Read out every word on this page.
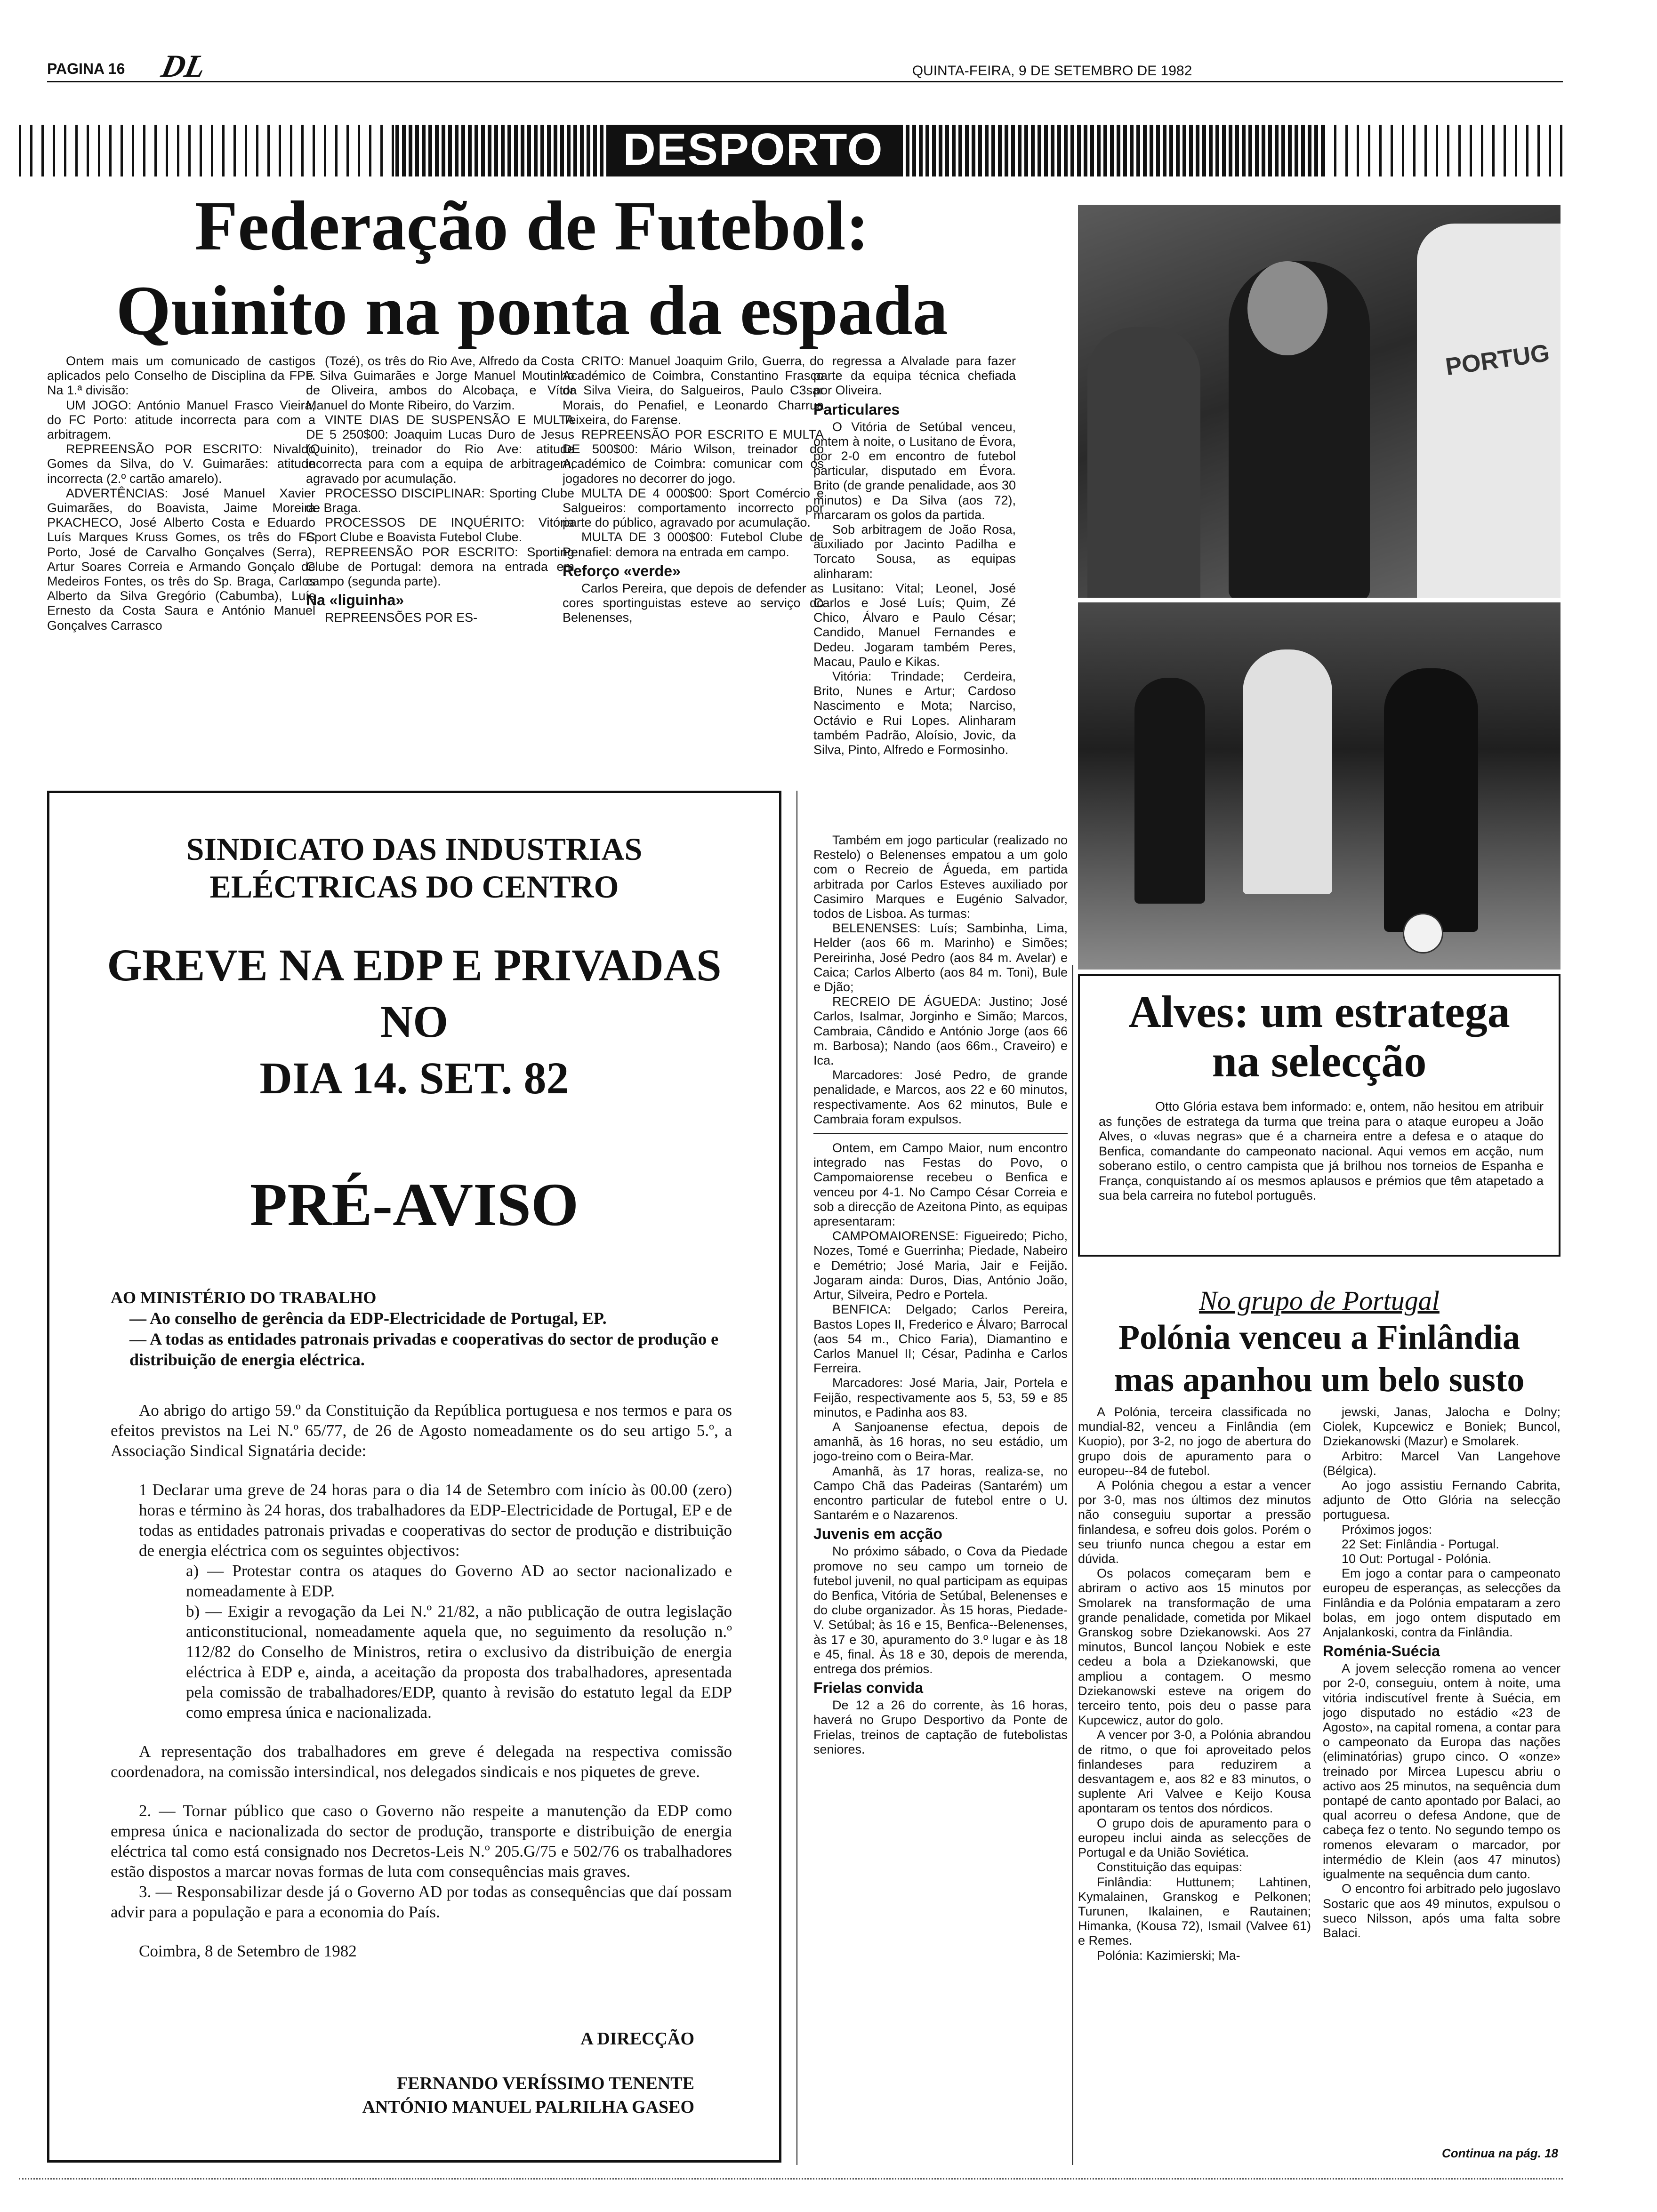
PAGINA 16 DL	QUINTA-FEIRA, 9 DE SETEMBRO DE 1982
DESPORTO
Federação de Futebol:
Quinito na ponta da espada

Ontem mais um comunicado de castigos aplicados pelo Conselho de Disciplina da FPF. Na 1.ª divisão:

UM JOGO: António Manuel Frasco Vieira, do FC Porto: atitude incorrecta para com a arbitragem.

REPREENSÃO POR ESCRITO: Nivaldo Gomes da Silva, do V. Guimarães: atitude incorrecta (2.º cartão amarelo).

ADVERTÊNCIAS: José Manuel Xavier Guimarães, do Boavista, Jaime Moreira PKACHECO, José Alberto Costa e Eduardo Luís Marques Kruss Gomes, os três do FC Porto, José de Carvalho Gonçalves (Serra), Artur Soares Correia e Armando Gonçalo de Medeiros Fontes, os três do Sp. Braga, Carlos Alberto da Silva Gregório (Cabumba), Luís Ernesto da Costa Saura e António Manuel Gonçalves Carrasco

(Tozé), os três do Rio Ave, Alfredo da Costa e Silva Guimarães e Jorge Manuel Moutinho de Oliveira, ambos do Alcobaça, e Vítor Manuel do Monte Ribeiro, do Varzim.

VINTE DIAS DE SUSPENSÃO E MULTA DE 5 250$00: Joaquim Lucas Duro de Jesus (Quinito), treinador do Rio Ave: atitude incorrecta para com a equipa de arbitragem, agravado por acumulação.

PROCESSO DISCIPLINAR: Sporting Clube de Braga.

PROCESSOS DE INQUÉRITO: Vitória Sport Clube e Boavista Futebol Clube.

REPREENSÃO POR ESCRITO: Sporting Clube de Portugal: demora na entrada em campo (segunda parte).

Na «liguinha»

REPREENSÕES POR ES-

CRITO: Manuel Joaquim Grilo, Guerra, do Académico de Coimbra, Constantino Frasco da Silva Vieira, do Salgueiros, Paulo C3sar Morais, do Penafiel, e Leonardo Charrua Teixeira, do Farense.

REPREENSÃO POR ESCRITO E MULTA DE 500$00: Mário Wilson, treinador do Académico de Coimbra: comunicar com os jogadores no decorrer do jogo.

MULTA DE 4 000$00: Sport Comércio e Salgueiros: comportamento incorrecto por parte do público, agravado por acumulação.

MULTA DE 3 000$00: Futebol Clube de Penafiel: demora na entrada em campo.

Reforço «verde»

Carlos Pereira, que depois de defender as cores sportinguistas esteve ao serviço do Belenenses,

regressa a Alvalade para fazer parte da equipa técnica chefiada por Oliveira.

Particulares

O Vitória de Setúbal venceu, ontem à noite, o Lusitano de Évora, por 2-0 em encontro de futebol particular, disputado em Évora. Brito (de grande penalidade, aos 30 minutos) e Da Silva (aos 72), marcaram os golos da partida.

Sob arbitragem de João Rosa, auxiliado por Jacinto Padilha e Torcato Sousa, as equipas alinharam:

Lusitano: Vital; Leonel, José Carlos e José Luís; Quim, Zé Chico, Álvaro e Paulo César; Candido, Manuel Fernandes e Dedeu. Jogaram também Peres, Macau, Paulo e Kikas.

Vitória: Trindade; Cerdeira, Brito, Nunes e Artur; Cardoso Nascimento e Mota; Narciso, Octávio e Rui Lopes. Alinharam também Padrão, Aloísio, Jovic, da Silva, Pinto, Alfredo e Formosinho.

SINDICATO DAS INDUSTRIAS
ELÉCTRICAS DO CENTRO
GREVE NA EDP E PRIVADAS
NO
DIA 14. SET. 82
PRÉ-AVISO

AO MINISTÉRIO DO TRABALHO

— Ao conselho de gerência da EDP-Electricidade de Portugal, EP.

— A todas as entidades patronais privadas e cooperativas do sector de produção e distribuição de energia eléctrica.

Ao abrigo do artigo 59.º da Constituição da República portuguesa e nos termos e para os efeitos previstos na Lei N.º 65/77, de 26 de Agosto nomeadamente os do seu artigo 5.º, a Associação Sindical Signatária decide:

1 Declarar uma greve de 24 horas para o dia 14 de Setembro com início às 00.00 (zero) horas e término às 24 horas, dos trabalhadores da EDP-Electricidade de Portugal, EP e de todas as entidades patronais privadas e cooperativas do sector de produção e distribuição de energia eléctrica com os seguintes objectivos:

a) — Protestar contra os ataques do Governo AD ao sector nacionalizado e nomeadamente à EDP.

b) — Exigir a revogação da Lei N.º 21/82, a não publicação de outra legislação anticonstitucional, nomeadamente aquela que, no seguimento da resolução n.º 112/82 do Conselho de Ministros, retira o exclusivo da distribuição de energia eléctrica à EDP e, ainda, a aceitação da proposta dos trabalhadores, apresentada pela comissão de trabalhadores/EDP, quanto à revisão do estatuto legal da EDP como empresa única e nacionalizada.

A representação dos trabalhadores em greve é delegada na respectiva comissão coordenadora, na comissão intersindical, nos delegados sindicais e nos piquetes de greve.

2. — Tornar público que caso o Governo não respeite a manutenção da EDP como empresa única e nacionalizada do sector de produção, transporte e distribuição de energia eléctrica tal como está consignado nos Decretos-Leis N.º 205.G/75 e 502/76 os trabalhadores estão dispostos a marcar novas formas de luta com consequências mais graves.

3. — Responsabilizar desde já o Governo AD por todas as consequências que daí possam advir para a população e para a economia do País.

Coimbra, 8 de Setembro de 1982

A DIRECÇÃO
FERNANDO VERÍSSIMO TENENTE
ANTÓNIO MANUEL PALRILHA GASEO

Também em jogo particular (realizado no Restelo) o Belenenses empatou a um golo com o Recreio de Águeda, em partida arbitrada por Carlos Esteves auxiliado por Casimiro Marques e Eugénio Salvador, todos de Lisboa. As turmas:

BELENENSES: Luís; Sambinha, Lima, Helder (aos 66 m. Marinho) e Simões; Pereirinha, José Pedro (aos 84 m. Avelar) e Caica; Carlos Alberto (aos 84 m. Toni), Bule e Djão;

RECREIO DE ÁGUEDA: Justino; José Carlos, Isalmar, Jorginho e Simão; Marcos, Cambraia, Cândido e António Jorge (aos 66 m. Barbosa); Nando (aos 66m., Craveiro) e Ica.

Marcadores: José Pedro, de grande penalidade, e Marcos, aos 22 e 60 minutos, respectivamente. Aos 62 minutos, Bule e Cambraia foram expulsos.

Ontem, em Campo Maior, num encontro integrado nas Festas do Povo, o Campomaiorense recebeu o Benfica e venceu por 4-1. No Campo César Correia e sob a direcção de Azeitona Pinto, as equipas apresentaram:

CAMPOMAIORENSE: Figueiredo; Picho, Nozes, Tomé e Guerrinha; Piedade, Nabeiro e Demétrio; José Maria, Jair e Feijão. Jogaram ainda: Duros, Dias, António João, Artur, Silveira, Pedro e Portela.

BENFICA: Delgado; Carlos Pereira, Bastos Lopes II, Frederico e Álvaro; Barrocal (aos 54 m., Chico Faria), Diamantino e Carlos Manuel II; César, Padinha e Carlos Ferreira.

Marcadores: José Maria, Jair, Portela e Feijão, respectivamente aos 5, 53, 59 e 85 minutos, e Padinha aos 83.

A Sanjoanense efectua, depois de amanhã, às 16 horas, no seu estádio, um jogo-treino com o Beira-Mar.

Amanhã, às 17 horas, realiza-se, no Campo Chã das Padeiras (Santarém) um encontro particular de futebol entre o U. Santarém e o Nazarenos.

Juvenis em acção

No próximo sábado, o Cova da Piedade promove no seu campo um torneio de futebol juvenil, no qual participam as equipas do Benfica, Vitória de Setúbal, Belenenses e do clube organizador. Às 15 horas, Piedade-V. Setúbal; às 16 e 15, Benfica--Belenenses, às 17 e 30, apuramento do 3.º lugar e às 18 e 45, final. Às 18 e 30, depois de merenda, entrega dos prémios.

Frielas convida

De 12 a 26 do corrente, às 16 horas, haverá no Grupo Desportivo da Ponte de Frielas, treinos de captação de futebolistas seniores.

PORTUG
Alves: um estratega
na selecção
Otto Glória estava bem informado: e, ontem, não hesitou em atribuir as funções de estratega da turma que treina para o ataque europeu a João Alves, o «luvas negras» que é a charneira entre a defesa e o ataque do Benfica, comandante do campeonato nacional. Aqui vemos em acção, num soberano estilo, o centro campista que já brilhou nos torneios de Espanha e França, conquistando aí os mesmos aplausos e prémios que têm atapetado a sua bela carreira no futebol português.
No grupo de Portugal
Polónia venceu a Finlândia
mas apanhou um belo susto

A Polónia, terceira classificada no mundial-82, venceu a Finlândia (em Kuopio), por 3-2, no jogo de abertura do grupo dois de apuramento para o europeu--84 de futebol.

A Polónia chegou a estar a vencer por 3-0, mas nos últimos dez minutos não conseguiu suportar a pressão finlandesa, e sofreu dois golos. Porém o seu triunfo nunca chegou a estar em dúvida.

Os polacos começaram bem e abriram o activo aos 15 minutos por Smolarek na transformação de uma grande penalidade, cometida por Mikael Granskog sobre Dziekanowski. Aos 27 minutos, Buncol lançou Nobiek e este cedeu a bola a Dziekanowski, que ampliou a contagem. O mesmo Dziekanowski esteve na origem do terceiro tento, pois deu o passe para Kupcewicz, autor do golo.

A vencer por 3-0, a Polónia abrandou de ritmo, o que foi aproveitado pelos finlandeses para reduzirem a desvantagem e, aos 82 e 83 minutos, o suplente Ari Valvee e Keijo Kousa apontaram os tentos dos nórdicos.

O grupo dois de apuramento para o europeu inclui ainda as selecções de Portugal e da União Soviética.

Constituição das equipas:

Finlândia: Huttunem; Lahtinen, Kymalainen, Granskog e Pelkonen; Turunen, Ikalainen, e Rautainen; Himanka, (Kousa 72), Ismail (Valvee 61) e Remes.

Polónia: Kazimierski; Ma-

jewski, Janas, Jalocha e Dolny; Ciolek, Kupcewicz e Boniek; Buncol, Dziekanowski (Mazur) e Smolarek.

Arbitro: Marcel Van Langehove (Bélgica).

Ao jogo assistiu Fernando Cabrita, adjunto de Otto Glória na selecção portuguesa.

Próximos jogos:

22 Set: Finlândia - Portugal.

10 Out: Portugal - Polónia.

Em jogo a contar para o campeonato europeu de esperanças, as selecções da Finlândia e da Polónia empataram a zero bolas, em jogo ontem disputado em Anjalankoski, contra da Finlândia.

Roménia-Suécia

A jovem selecção romena ao vencer por 2-0, conseguiu, ontem à noite, uma vitória indiscutível frente à Suécia, em jogo disputado no estádio «23 de Agosto», na capital romena, a contar para o campeonato da Europa das nações (eliminatórias) grupo cinco. O «onze» treinado por Mircea Lupescu abriu o activo aos 25 minutos, na sequência dum pontapé de canto apontado por Balaci, ao qual acorreu o defesa Andone, que de cabeça fez o tento. No segundo tempo os romenos elevaram o marcador, por intermédio de Klein (aos 47 minutos) igualmente na sequência dum canto.

O encontro foi arbitrado pelo jugoslavo Sostaric que aos 49 minutos, expulsou o sueco Nilsson, após uma falta sobre Balaci.

Continua na pág. 18
